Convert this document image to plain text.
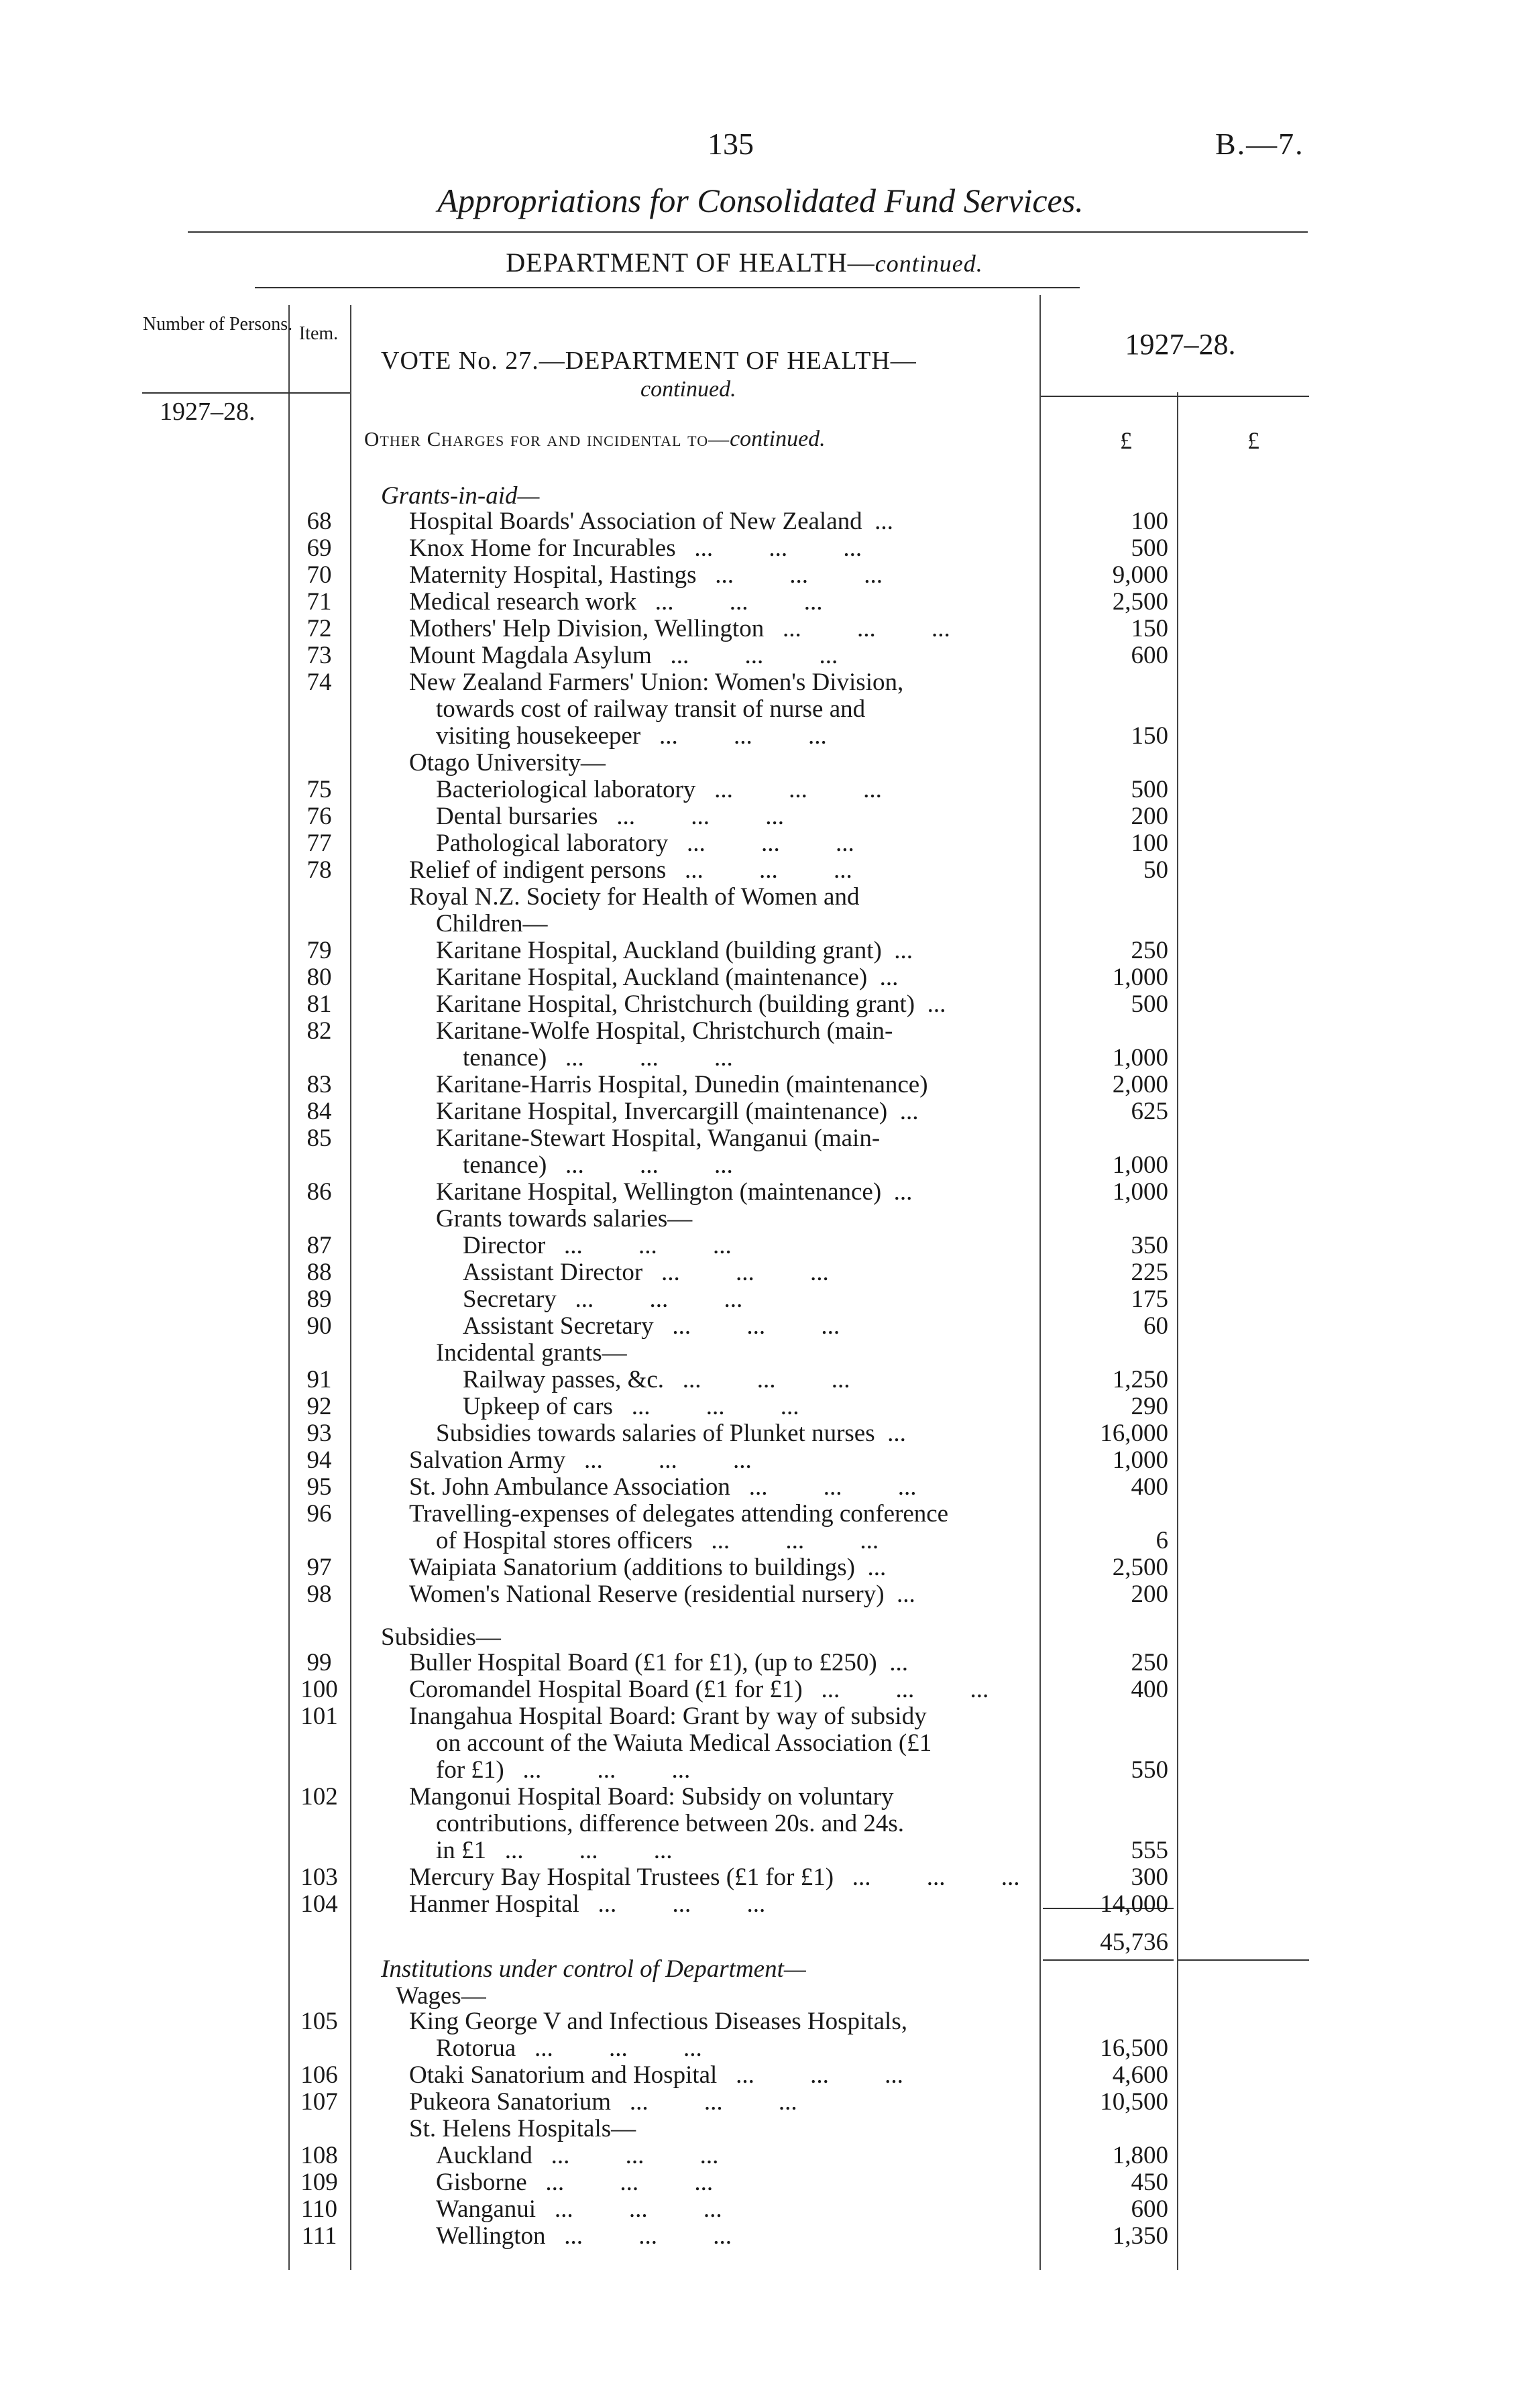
135	B.—7.
Appropriations for Consolidated Fund Services.
DEPARTMENT OF HEALTH—continued.
Number of Persons. Item.
1927–28.
VOTE No. 27.—DEPARTMENT OF HEALTH—
continued.
1927–28.
Other Charges for and incidental to—continued.	£	£
Grants-in-aid—
Subsidies—
Institutions under control of Department—
Wages—
45,736
68	Hospital Boards' Association of New Zealand  ...	100
69	Knox Home for Incurables ...	500
70	Maternity Hospital, Hastings ...	9,000
71	Medical research work ...	2,500
72	Mothers' Help Division, Wellington ...	150
73	Mount Magdala Asylum ...	600
74	New Zealand Farmers' Union: Women's Division,
towards cost of railway transit of nurse and
visiting housekeeper ...	150
Otago University—
75	Bacteriological laboratory ...	500
76	Dental bursaries ...	200
77	Pathological laboratory ...	100
78	Relief of indigent persons ...	50
Royal N.Z. Society for Health of Women and
Children—
79	Karitane Hospital, Auckland (building grant)  ...	250
80	Karitane Hospital, Auckland (maintenance)  ...	1,000
81	Karitane Hospital, Christchurch (building grant)  ...	500
82	Karitane-Wolfe Hospital, Christchurch (main-
tenance) ...	1,000
83	Karitane-Harris Hospital, Dunedin (maintenance)	2,000
84	Karitane Hospital, Invercargill (maintenance)  ...	625
85	Karitane-Stewart Hospital, Wanganui (main-
tenance) ...	1,000
86	Karitane Hospital, Wellington (maintenance)  ...	1,000
Grants towards salaries—
87	Director ...	350
88	Assistant Director ...	225
89	Secretary ...	175
90	Assistant Secretary ...	60
Incidental grants—
91	Railway passes, &c. ...	1,250
92	Upkeep of cars ...	290
93	Subsidies towards salaries of Plunket nurses  ...	16,000
94	Salvation Army ...	1,000
95	St. John Ambulance Association ...	400
96	Travelling-expenses of delegates attending conference
of Hospital stores officers ...	6
97	Waipiata Sanatorium (additions to buildings)  ...	2,500
98	Women's National Reserve (residential nursery)  ...	200
99	Buller Hospital Board (£1 for £1), (up to £250)  ...	250
100	Coromandel Hospital Board (£1 for £1) ...	400
101	Inangahua Hospital Board: Grant by way of subsidy
on account of the Waiuta Medical Association (£1
for £1) ...	550
102	Mangonui Hospital Board: Subsidy on voluntary
contributions, difference between 20s. and 24s.
in £1 ...	555
103	Mercury Bay Hospital Trustees (£1 for £1) ...	300
104	Hanmer Hospital ...	14,000
105	King George V and Infectious Diseases Hospitals,
Rotorua ...	16,500
106	Otaki Sanatorium and Hospital ...	4,600
107	Pukeora Sanatorium ...	10,500
St. Helens Hospitals—
108	Auckland ...	1,800
109	Gisborne ...	450
110	Wanganui ...	600
111	Wellington ...	1,350
